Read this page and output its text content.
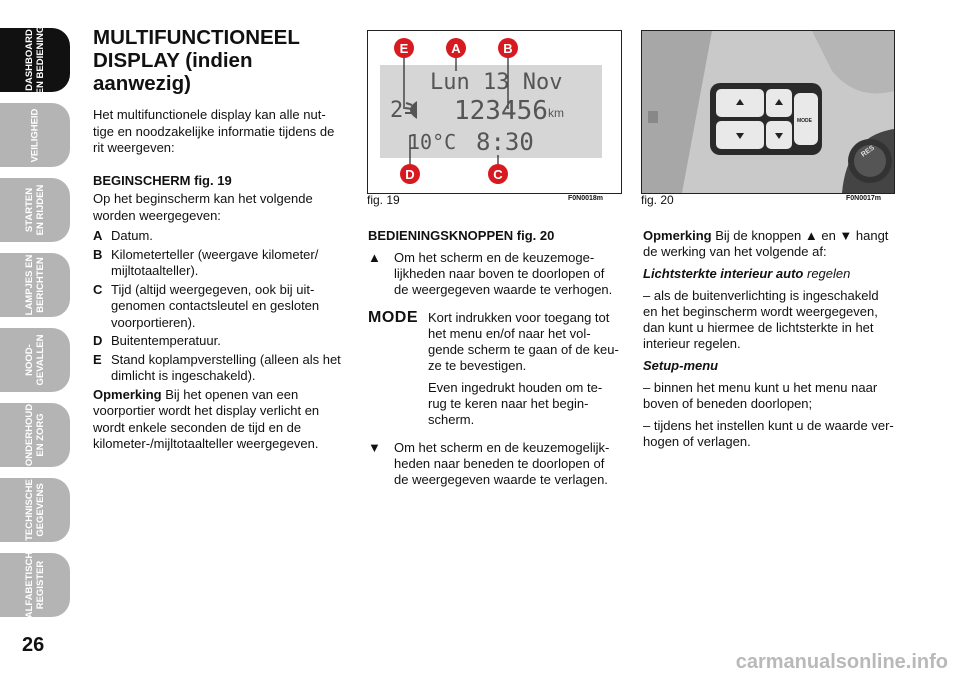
DASHBOARD
EN BEDIENING
VEILIGHEID
STARTEN
EN RIJDEN
LAMPJES EN
BERICHTEN
NOOD-
GEVALLEN
ONDERHOUD
EN ZORG
TECHNISCHE
GEGEVENS
ALFABETISCH
REGISTER
26
MULTIFUNCTIONEEL
DISPLAY (indien
aanwezig)

Het multifunctionele display kan alle nut- tige en noodzakelijke informatie tijdens de rit weergeven:

BEGINSCHERM fig. 19

Op het beginscherm kan het volgende worden weergegeven:

A Datum.
B Kilometerteller (weergave kilometer/ mijltotaalteller).
C Tijd (altijd weergegeven, ook bij uit- genomen contactsleutel en gesloten voorportieren).
D Buitentemperatuur.
E Stand koplampverstelling (alleen als het dimlicht is ingeschakeld).

Opmerking Bij het openen van een voorportier wordt het display verlicht en wordt enkele seconden de tijd en de kilometer-/mijltotaalteller weergegeven.

E	A	B
D	C
Lun 13 Nov
2 123456 km
10°C 8:30
fig. 19	F0N0018m
RES
MODE
fig. 20	F0N0017m

BEDIENINGSKNOPPEN fig. 20

▲	Om het scherm en de keuzemoge- lijkheden naar boven te doorlopen of de weergegeven waarde te verhogen.

MODE Kort indrukken voor toegang tot het menu en/of naar het vol- gende scherm te gaan of de keu- ze te bevestigen.

Even ingedrukt houden om te- rug te keren naar het begin- scherm.

▼	Om het scherm en de keuzemogelijk- heden naar beneden te doorlopen of de weergegeven waarde te verlagen.

Opmerking Bij de knoppen ▲ en ▼ hangt de werking van het volgende af:

Lichtsterkte interieur auto regelen

– als de buitenverlichting is ingeschakeld en het beginscherm wordt weergegeven, dan kunt u hiermee de lichtsterkte in het interieur regelen.

Setup-menu

– binnen het menu kunt u het menu naar boven of beneden doorlopen;

– tijdens het instellen kunt u de waarde ver- hogen of verlagen.

carmanualsonline.info
